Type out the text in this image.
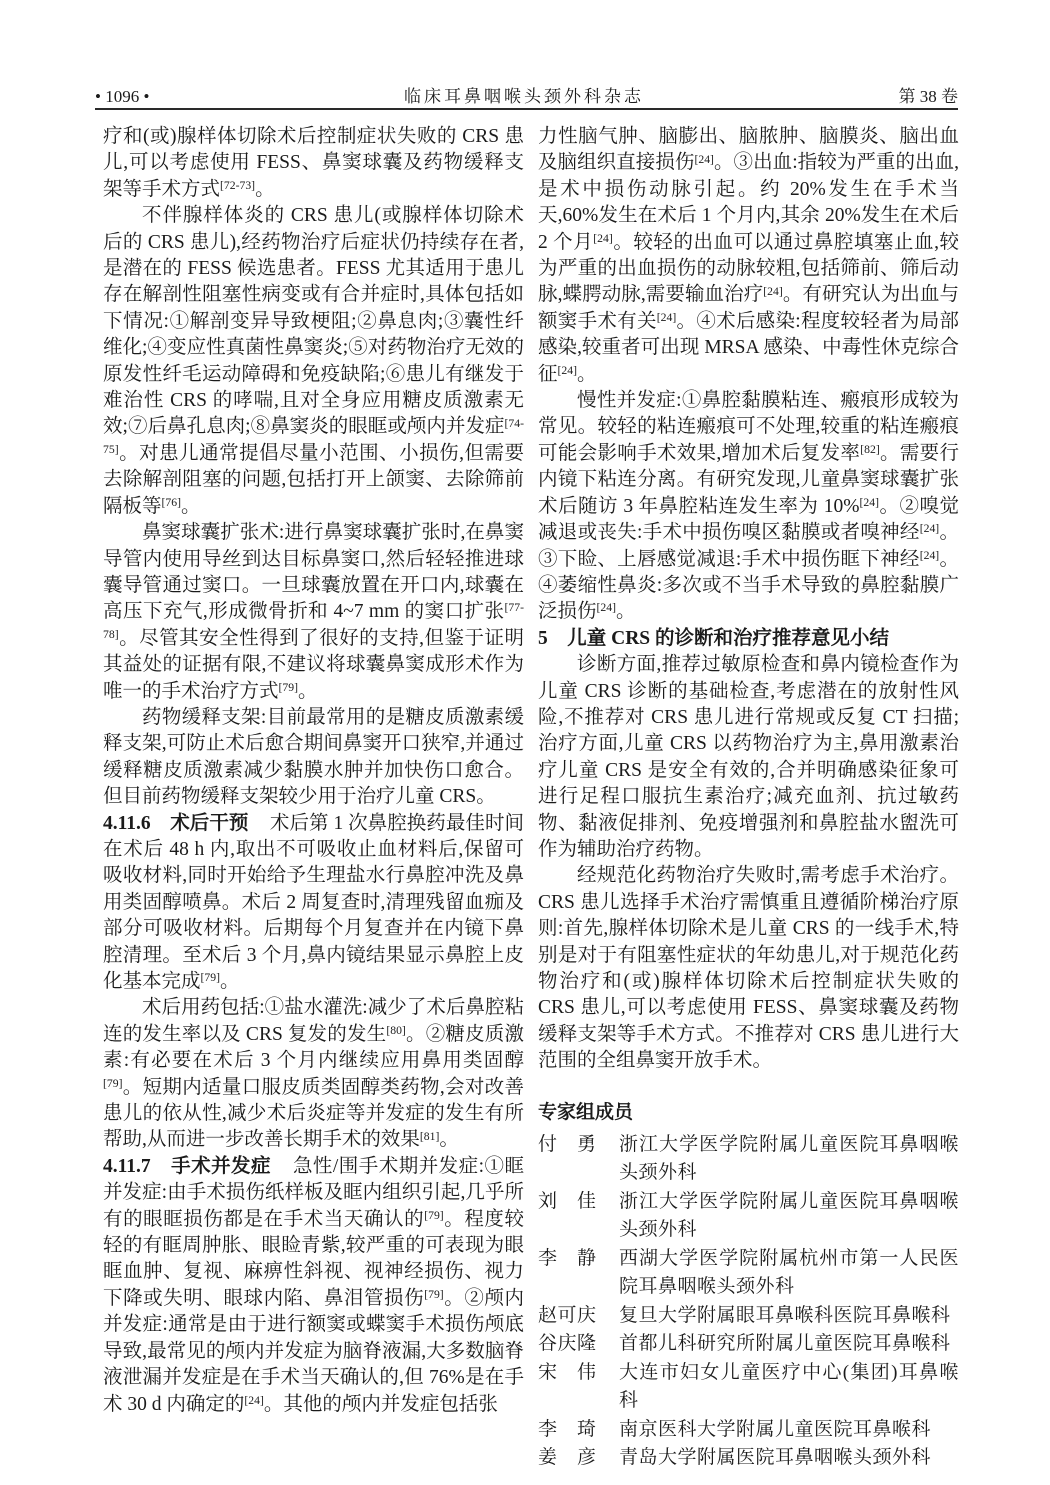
• 1096 •	临床耳鼻咽喉头颈外科杂志	第 38 卷

疗和(或)腺样体切除术后控制症状失败的 CRS 患儿,可以考虑使用 FESS、鼻窦球囊及药物缓释支架等手术方式[72-73]。

不伴腺样体炎的 CRS 患儿(或腺样体切除术后的 CRS 患儿),经药物治疗后症状仍持续存在者,是潜在的 FESS 候选患者。FESS 尤其适用于患儿存在解剖性阻塞性病变或有合并症时,具体包括如下情况:①解剖变异导致梗阻;②鼻息肉;③囊性纤维化;④变应性真菌性鼻窦炎;⑤对药物治疗无效的原发性纤毛运动障碍和免疫缺陷;⑥患儿有继发于难治性 CRS 的哮喘,且对全身应用糖皮质激素无效;⑦后鼻孔息肉;⑧鼻窦炎的眼眶或颅内并发症[74-75]。对患儿通常提倡尽量小范围、小损伤,但需要去除解剖阻塞的问题,包括打开上颌窦、去除筛前隔板等[76]。

鼻窦球囊扩张术:进行鼻窦球囊扩张时,在鼻窦导管内使用导丝到达目标鼻窦口,然后轻轻推进球囊导管通过窦口。一旦球囊放置在开口内,球囊在高压下充气,形成微骨折和 4~7 mm 的窦口扩张[77-78]。尽管其安全性得到了很好的支持,但鉴于证明其益处的证据有限,不建议将球囊鼻窦成形术作为唯一的手术治疗方式[79]。

药物缓释支架:目前最常用的是糖皮质激素缓释支架,可防止术后愈合期间鼻窦开口狭窄,并通过缓释糖皮质激素减少黏膜水肿并加快伤口愈合。但目前药物缓释支架较少用于治疗儿童 CRS。

4.11.6　术后干预 术后第 1 次鼻腔换药最佳时间在术后 48 h 内,取出不可吸收止血材料后,保留可吸收材料,同时开始给予生理盐水行鼻腔冲洗及鼻用类固醇喷鼻。术后 2 周复查时,清理残留血痂及部分可吸收材料。后期每个月复查并在内镜下鼻腔清理。至术后 3 个月,鼻内镜结果显示鼻腔上皮化基本完成[79]。

术后用药包括:①盐水灌洗:减少了术后鼻腔粘连的发生率以及 CRS 复发的发生[80]。②糖皮质激素:有必要在术后 3 个月内继续应用鼻用类固醇[79]。短期内适量口服皮质类固醇类药物,会对改善患儿的依从性,减少术后炎症等并发症的发生有所帮助,从而进一步改善长期手术的效果[81]。

4.11.7　手术并发症 急性/围手术期并发症:①眶并发症:由手术损伤纸样板及眶内组织引起,几乎所有的眼眶损伤都是在手术当天确认的[79]。程度较轻的有眶周肿胀、眼睑青紫,较严重的可表现为眼眶血肿、复视、麻痹性斜视、视神经损伤、视力下降或失明、眼球内陷、鼻泪管损伤[79]。②颅内并发症:通常是由于进行额窦或蝶窦手术损伤颅底导致,最常见的颅内并发症为脑脊液漏,大多数脑脊液泄漏并发症是在手术当天确认的,但 76%是在手术 30 d 内确定的[24]。其他的颅内并发症包括张

力性脑气肿、脑膨出、脑脓肿、脑膜炎、脑出血及脑组织直接损伤[24]。③出血:指较为严重的出血,是术中损伤动脉引起。约 20%发生在手术当天,60%发生在术后 1 个月内,其余 20%发生在术后 2 个月[24]。较轻的出血可以通过鼻腔填塞止血,较为严重的出血损伤的动脉较粗,包括筛前、筛后动脉,蝶腭动脉,需要输血治疗[24]。有研究认为出血与额窦手术有关[24]。④术后感染:程度较轻者为局部感染,较重者可出现 MRSA 感染、中毒性休克综合征[24]。

慢性并发症:①鼻腔黏膜粘连、瘢痕形成较为常见。较轻的粘连瘢痕可不处理,较重的粘连瘢痕可能会影响手术效果,增加术后复发率[82]。需要行内镜下粘连分离。有研究发现,儿童鼻窦球囊扩张术后随访 3 年鼻腔粘连发生率为 10%[24]。②嗅觉减退或丧失:手术中损伤嗅区黏膜或者嗅神经[24]。③下睑、上唇感觉减退:手术中损伤眶下神经[24]。④萎缩性鼻炎:多次或不当手术导致的鼻腔黏膜广泛损伤[24]。

5　儿童 CRS 的诊断和治疗推荐意见小结

诊断方面,推荐过敏原检查和鼻内镜检查作为儿童 CRS 诊断的基础检查,考虑潜在的放射性风险,不推荐对 CRS 患儿进行常规或反复 CT 扫描;治疗方面,儿童 CRS 以药物治疗为主,鼻用激素治疗儿童 CRS 是安全有效的,合并明确感染征象可进行足程口服抗生素治疗;减充血剂、抗过敏药物、黏液促排剂、免疫增强剂和鼻腔盐水盥洗可作为辅助治疗药物。

经规范化药物治疗失败时,需考虑手术治疗。CRS 患儿选择手术治疗需慎重且遵循阶梯治疗原则:首先,腺样体切除术是儿童 CRS 的一线手术,特别是对于有阻塞性症状的年幼患儿,对于规范化药物治疗和(或)腺样体切除术后控制症状失败的 CRS 患儿,可以考虑使用 FESS、鼻窦球囊及药物缓释支架等手术方式。不推荐对 CRS 患儿进行大范围的全组鼻窦开放手术。

专家组成员
付　勇 浙江大学医学院附属儿童医院耳鼻咽喉头颈外科
刘　佳 浙江大学医学院附属儿童医院耳鼻咽喉头颈外科
李　静 西湖大学医学院附属杭州市第一人民医院耳鼻咽喉头颈外科
赵可庆 复旦大学附属眼耳鼻喉科医院耳鼻喉科
谷庆隆 首都儿科研究所附属儿童医院耳鼻喉科
宋　伟 大连市妇女儿童医疗中心(集团)耳鼻喉科
李　琦 南京医科大学附属儿童医院耳鼻喉科
姜　彦 青岛大学附属医院耳鼻咽喉头颈外科
